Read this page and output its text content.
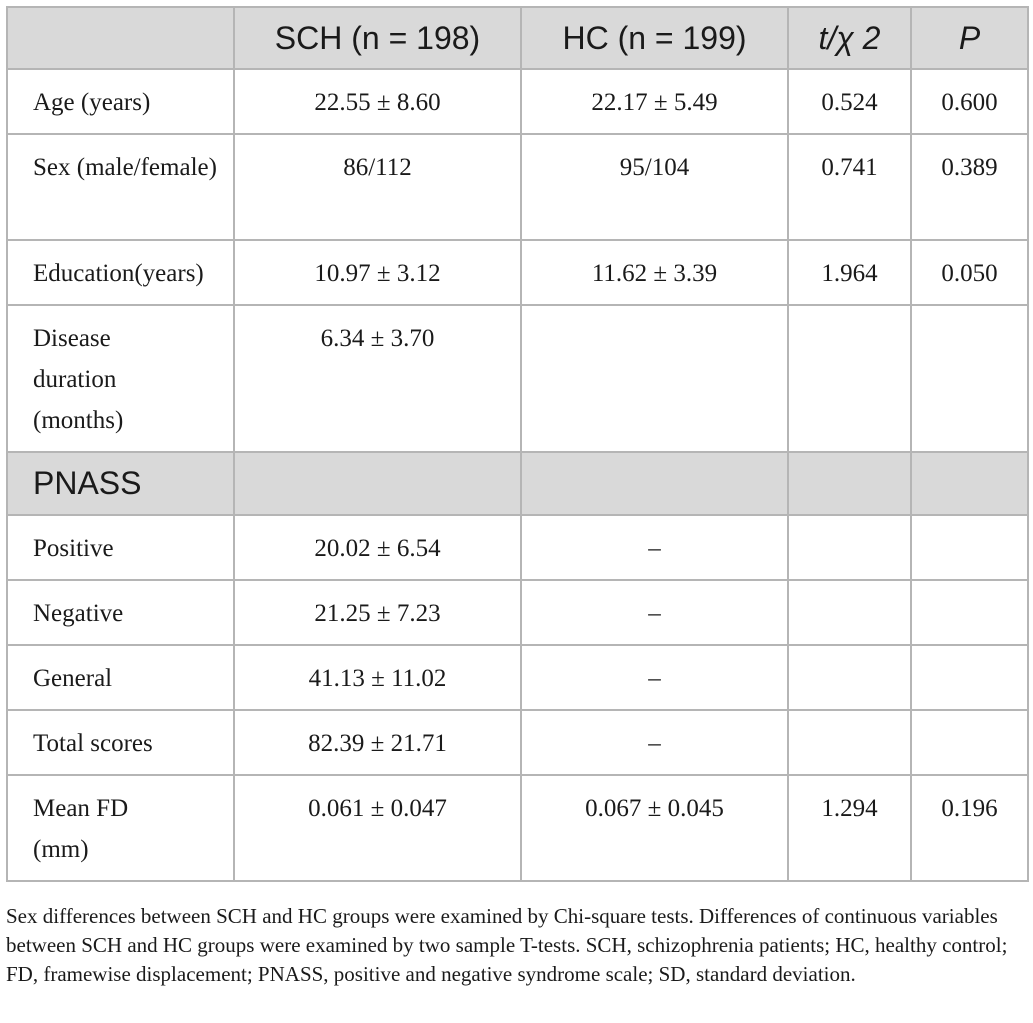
	SCH (n = 198)	HC (n = 199)	t/χ 2	P
Age (years)	22.55 ± 8.60	22.17 ± 5.49	0.524	0.600
Sex (male/female)	86/112	95/104	0.741	0.389
Education(years)	10.97 ± 3.12	11.62 ± 3.39	1.964	0.050
Disease duration (months)	6.34 ± 3.70			
PNASS				
Positive	20.02 ± 6.54	–		
Negative	21.25 ± 7.23	–		
General	41.13 ± 11.02	–		
Total scores	82.39 ± 21.71	–		
Mean FD (mm)	0.061 ± 0.047	0.067 ± 0.045	1.294	0.196
Sex differences between SCH and HC groups were examined by Chi-square tests. Differences of continuous variables between SCH and HC groups were examined by two sample T-tests. SCH, schizophrenia patients; HC, healthy control; FD, framewise displacement; PNASS, positive and negative syndrome scale; SD, standard deviation.
